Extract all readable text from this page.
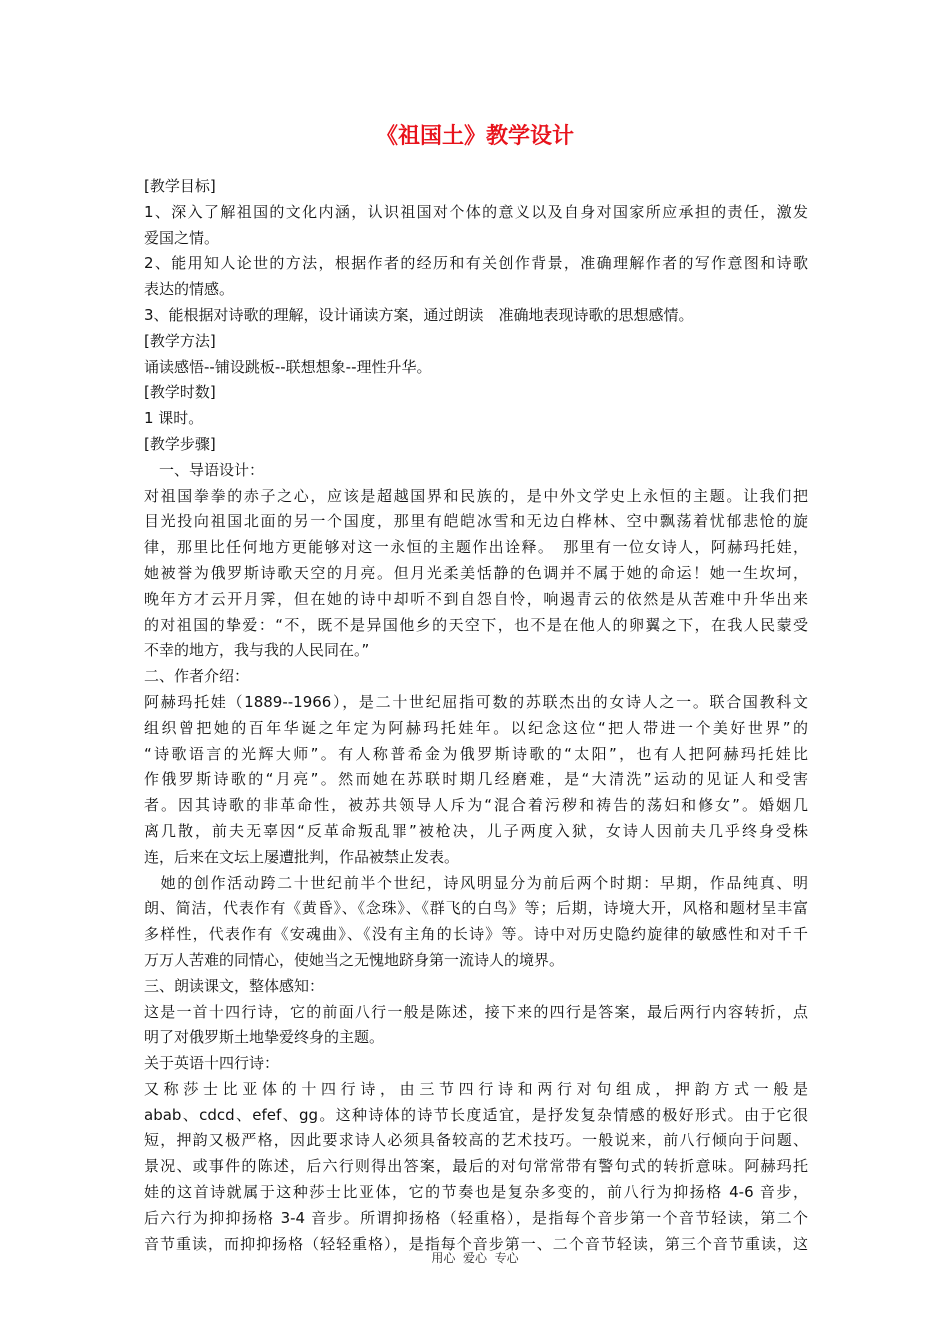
《祖国土》教学设计
[教学目标]
1、深入了解祖国的文化内涵，认识祖国对个体的意义以及自身对国家所应承担的责任，激发
爱国之情。
2、能用知人论世的方法，根据作者的经历和有关创作背景，准确理解作者的写作意图和诗歌
表达的情感。
3、能根据对诗歌的理解，设计诵读方案，通过朗读　准确地表现诗歌的思想感情。
[教学方法]
诵读感悟--铺设跳板--联想想象--理性升华。
[教学时数]
1 课时。
[教学步骤]
　一、导语设计：
对祖国拳拳的赤子之心，应该是超越国界和民族的，是中外文学史上永恒的主题。让我们把
目光投向祖国北面的另一个国度，那里有皑皑冰雪和无边白桦林、空中飘荡着忧郁悲怆的旋
律，那里比任何地方更能够对这一永恒的主题作出诠释。　那里有一位女诗人，阿赫玛托娃，
她被誉为俄罗斯诗歌天空的月亮。但月光柔美恬静的色调并不属于她的命运！她一生坎坷，
晚年方才云开月霁，但在她的诗中却听不到自怨自怜，响遏青云的依然是从苦难中升华出来
的对祖国的挚爱：“不，既不是异国他乡的天空下，也不是在他人的卵翼之下，在我人民蒙受
不幸的地方，我与我的人民同在。”
二、作者介绍：
阿赫玛托娃（1889--1966），是二十世纪屈指可数的苏联杰出的女诗人之一。联合国教科文
组织曾把她的百年华诞之年定为阿赫玛托娃年。以纪念这位“把人带进一个美好世界”的
“诗歌语言的光辉大师”。有人称普希金为俄罗斯诗歌的“太阳”，也有人把阿赫玛托娃比
作俄罗斯诗歌的“月亮”。然而她在苏联时期几经磨难，是“大清洗”运动的见证人和受害
者。因其诗歌的非革命性，被苏共领导人斥为“混合着污秽和祷告的荡妇和修女”。婚姻几
离几散，前夫无辜因“反革命叛乱罪”被枪决，儿子两度入狱，女诗人因前夫几乎终身受株
连，后来在文坛上屡遭批判，作品被禁止发表。
　她的创作活动跨二十世纪前半个世纪，诗风明显分为前后两个时期：早期，作品纯真、明
朗、简洁，代表作有《黄昏》、《念珠》、《群飞的白鸟》等；后期，诗境大开，风格和题材呈丰富
多样性，代表作有《安魂曲》、《没有主角的长诗》等。诗中对历史隐约旋律的敏感性和对千千
万万人苦难的同情心，使她当之无愧地跻身第一流诗人的境界。
三、朗读课文，整体感知：
这是一首十四行诗，它的前面八行一般是陈述，接下来的四行是答案，最后两行内容转折，点
明了对俄罗斯土地挚爱终身的主题。
关于英语十四行诗：
又称莎士比亚体的十四行诗，由三节四行诗和两行对句组成，押韵方式一般是
abab、cdcd、efef、gg。这种诗体的诗节长度适宜，是抒发复杂情感的极好形式。由于它很
短，押韵又极严格，因此要求诗人必须具备较高的艺术技巧。一般说来，前八行倾向于问题、
景况、或事件的陈述，后六行则得出答案，最后的对句常常带有警句式的转折意味。阿赫玛托
娃的这首诗就属于这种莎士比亚体，它的节奏也是复杂多变的，前八行为抑扬格 4-6 音步，
后六行为抑抑扬格 3-4 音步。所谓抑扬格（轻重格），是指每个音步第一个音节轻读，第二个
音节重读，而抑抑扬格（轻轻重格），是指每个音步第一、二个音节轻读，第三个音节重读，这
用心  爱心  专心
